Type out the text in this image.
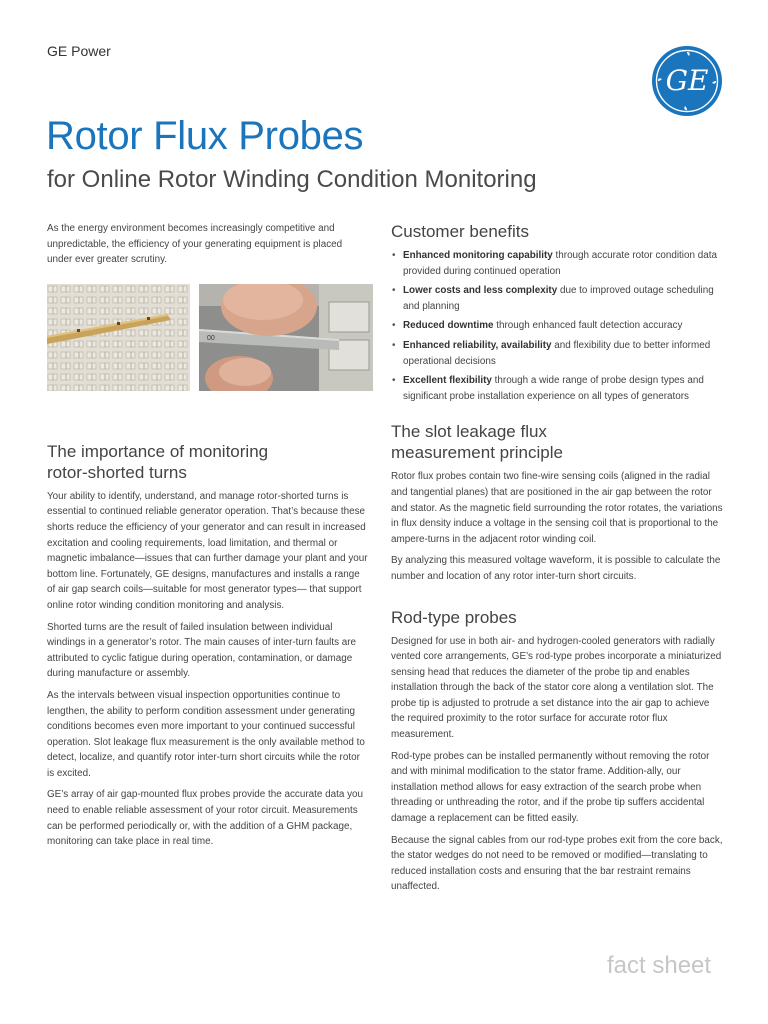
GE Power
GE
Rotor Flux Probes
for Online Rotor Winding Condition Monitoring
00

As the energy environment becomes increasingly competitive and unpredictable, the efficiency of your generating equipment is placed under ever greater scrutiny.

The importance of monitoring
rotor-shorted turns

Your ability to identify, understand, and manage rotor-shorted turns is essential to continued reliable generator operation. That’s because these shorts reduce the efficiency of your generator and can result in increased excitation and cooling requirements, load limitation, and thermal or magnetic imbalance—issues that can further damage your plant and your bottom line. Fortunately, GE designs, manufactures and installs a range of air gap search coils—suitable for most generator types— that support online rotor winding condition monitoring and analysis.

Shorted turns are the result of failed insulation between individual windings in a generator’s rotor. The main causes of inter-turn faults are attributed to cyclic fatigue during operation, contamination, or damage during manufacture or assembly.

As the intervals between visual inspection opportunities continue to lengthen, the ability to perform condition assessment under generating conditions becomes even more important to your continued successful operation. Slot leakage flux measurement is the only available method to detect, localize, and quantify rotor inter-turn short circuits while the rotor is excited.

GE’s array of air gap-mounted flux probes provide the accurate data you need to enable reliable assessment of your rotor circuit. Measurements can be performed periodically or, with the addition of a GHM package, monitoring can take place in real time.

Customer benefits
• Enhanced monitoring capability through accurate rotor condition data provided during continued operation
• Lower costs and less complexity due to improved outage scheduling and planning
• Reduced downtime through enhanced fault detection accuracy
• Enhanced reliability, availability and flexibility due to better informed operational decisions
• Excellent flexibility through a wide range of probe design types and significant probe installation experience on all types of generators
The slot leakage flux
measurement principle

Rotor flux probes contain two fine-wire sensing coils (aligned in the radial and tangential planes) that are positioned in the air gap between the rotor and stator. As the magnetic field surrounding the rotor rotates, the variations in flux density induce a voltage in the sensing coil that is proportional to the ampere-turns in the adjacent rotor winding coil.

By analyzing this measured voltage waveform, it is possible to calculate the number and location of any rotor inter-turn short circuits.

Rod-type probes

Designed for use in both air- and hydrogen-cooled generators with radially vented core arrangements, GE’s rod-type probes incorporate a miniaturized sensing head that reduces the diameter of the probe tip and enables installation through the back of the stator core along a ventilation slot. The probe tip is adjusted to protrude a set distance into the air gap to achieve the required proximity to the rotor surface for accurate rotor flux measurement.

Rod-type probes can be installed permanently without removing the rotor and with minimal modification to the stator frame. Addition-ally, our installation method allows for easy extraction of the search probe when threading or unthreading the rotor, and if the probe tip suffers accidental damage a replacement can be fitted easily.

Because the signal cables from our rod-type probes exit from the core back, the stator wedges do not need to be removed or modified—translating to reduced installation costs and ensuring that the bar restraint remains unaffected.

fact sheet
